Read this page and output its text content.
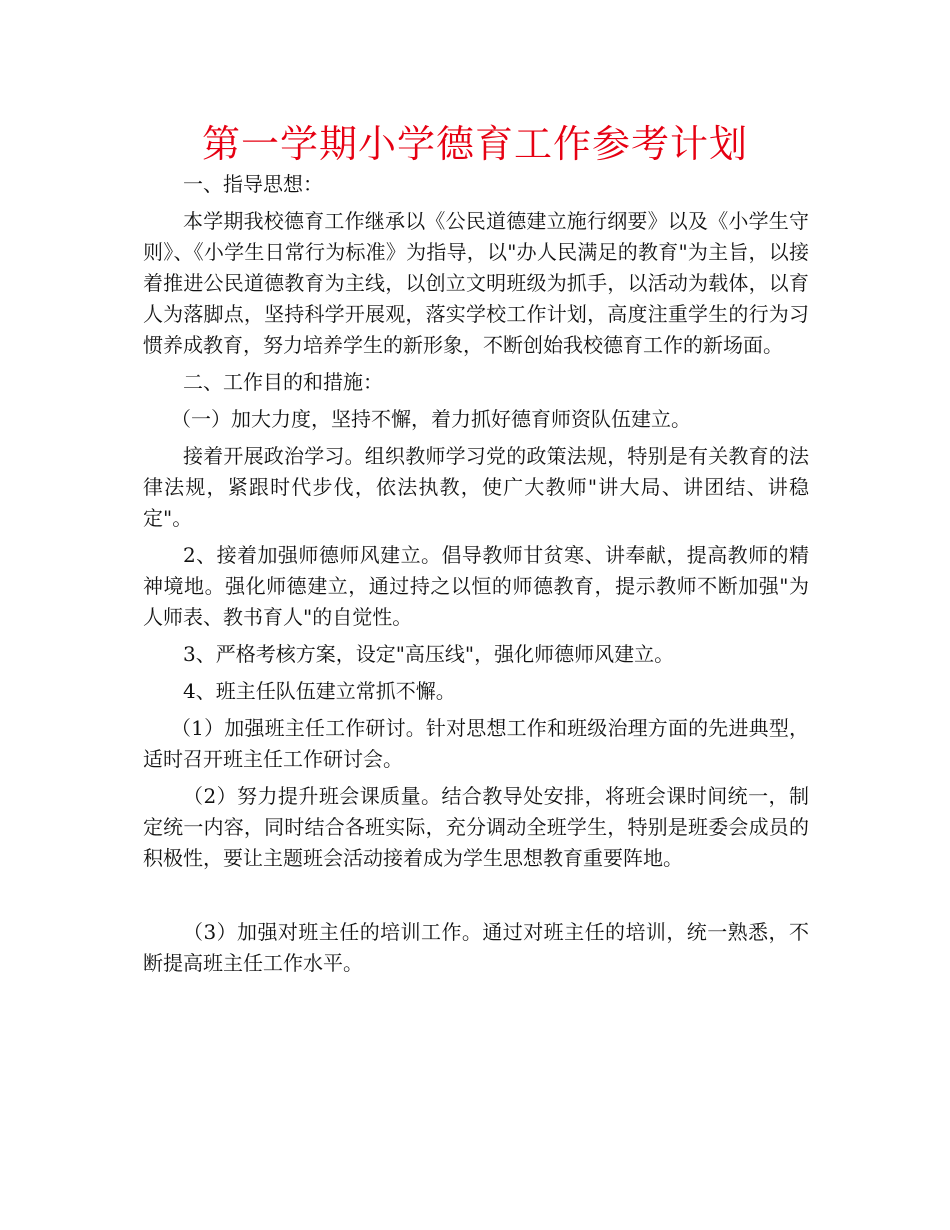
第一学期小学德育工作参考计划

一、指导思想：

本学期我校德育工作继承以《公民道德建立施行纲要》以及《小学生守则》、《小学生日常行为标准》为指导，以"办人民满足的教育"为主旨，以接着推进公民道德教育为主线，以创立文明班级为抓手，以活动为载体，以育人为落脚点，坚持科学开展观，落实学校工作计划，高度注重学生的行为习惯养成教育，努力培养学生的新形象，不断创始我校德育工作的新场面。

二、工作目的和措施：

（一）加大力度，坚持不懈，着力抓好德育师资队伍建立。

接着开展政治学习。组织教师学习党的政策法规，特别是有关教育的法律法规，紧跟时代步伐，依法执教，使广大教师"讲大局、讲团结、讲稳定"。

2、接着加强师德师风建立。倡导教师甘贫寒、讲奉献，提高教师的精神境地。强化师德建立，通过持之以恒的师德教育，提示教师不断加强"为人师表、教书育人"的自觉性。

3、严格考核方案，设定"高压线"，强化师德师风建立。

4、班主任队伍建立常抓不懈。

（1）加强班主任工作研讨。针对思想工作和班级治理方面的先进典型，适时召开班主任工作研讨会。

（2）努力提升班会课质量。结合教导处安排，将班会课时间统一，制定统一内容，同时结合各班实际，充分调动全班学生，特别是班委会成员的积极性，要让主题班会活动接着成为学生思想教育重要阵地。

（3）加强对班主任的培训工作。通过对班主任的培训，统一熟悉，不断提高班主任工作水平。
